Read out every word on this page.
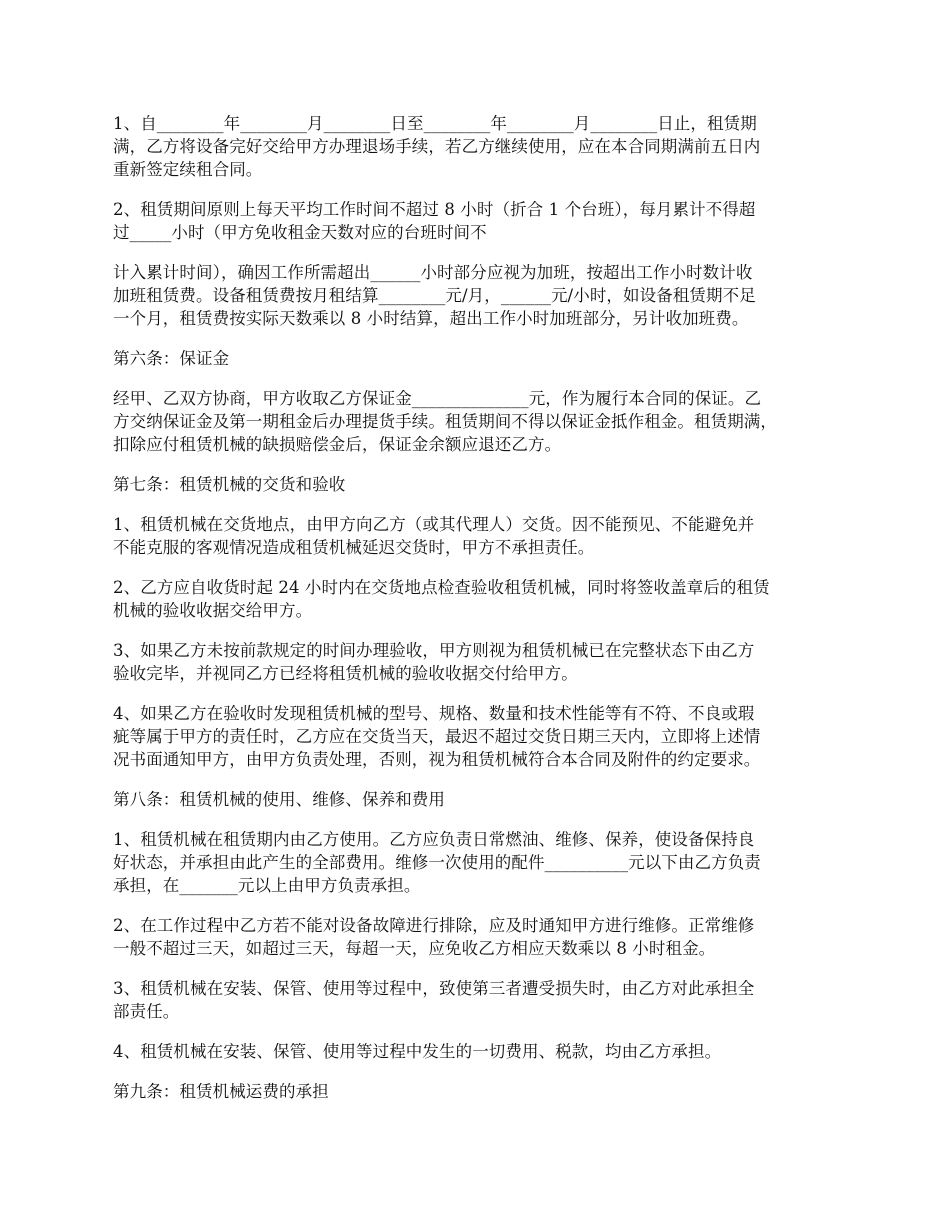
1、自________年________月________日至________年________月________日止，租赁期
满，乙方将设备完好交给甲方办理退场手续，若乙方继续使用，应在本合同期满前五日内
重新签定续租合同。

2、租赁期间原则上每天平均工作时间不超过 8 小时（折合 1 个台班），每月累计不得超
过_____小时（甲方免收租金天数对应的台班时间不

计入累计时间），确因工作所需超出______小时部分应视为加班，按超出工作小时数计收
加班租赁费。设备租赁费按月租结算________元/月，______元/小时，如设备租赁期不足
一个月，租赁费按实际天数乘以 8 小时结算，超出工作小时加班部分，另计收加班费。

第六条：保证金

经甲、乙双方协商，甲方收取乙方保证金______________元，作为履行本合同的保证。乙
方交纳保证金及第一期租金后办理提货手续。租赁期间不得以保证金抵作租金。租赁期满，
扣除应付租赁机械的缺损赔偿金后，保证金余额应退还乙方。

第七条：租赁机械的交货和验收

1、租赁机械在交货地点，由甲方向乙方（或其代理人）交货。因不能预见、不能避免并
不能克服的客观情况造成租赁机械延迟交货时，甲方不承担责任。

2、乙方应自收货时起 24 小时内在交货地点检查验收租赁机械，同时将签收盖章后的租赁
机械的验收收据交给甲方。

3、如果乙方未按前款规定的时间办理验收，甲方则视为租赁机械已在完整状态下由乙方
验收完毕，并视同乙方已经将租赁机械的验收收据交付给甲方。

4、如果乙方在验收时发现租赁机械的型号、规格、数量和技术性能等有不符、不良或瑕
疵等属于甲方的责任时，乙方应在交货当天，最迟不超过交货日期三天内，立即将上述情
况书面通知甲方，由甲方负责处理，否则，视为租赁机械符合本合同及附件的约定要求。

第八条：租赁机械的使用、维修、保养和费用

1、租赁机械在租赁期内由乙方使用。乙方应负责日常燃油、维修、保养，使设备保持良
好状态，并承担由此产生的全部费用。维修一次使用的配件__________元以下由乙方负责
承担，在_______元以上由甲方负责承担。

2、在工作过程中乙方若不能对设备故障进行排除，应及时通知甲方进行维修。正常维修
一般不超过三天，如超过三天，每超一天，应免收乙方相应天数乘以 8 小时租金。

3、租赁机械在安装、保管、使用等过程中，致使第三者遭受损失时，由乙方对此承担全
部责任。

4、租赁机械在安装、保管、使用等过程中发生的一切费用、税款，均由乙方承担。

第九条：租赁机械运费的承担
